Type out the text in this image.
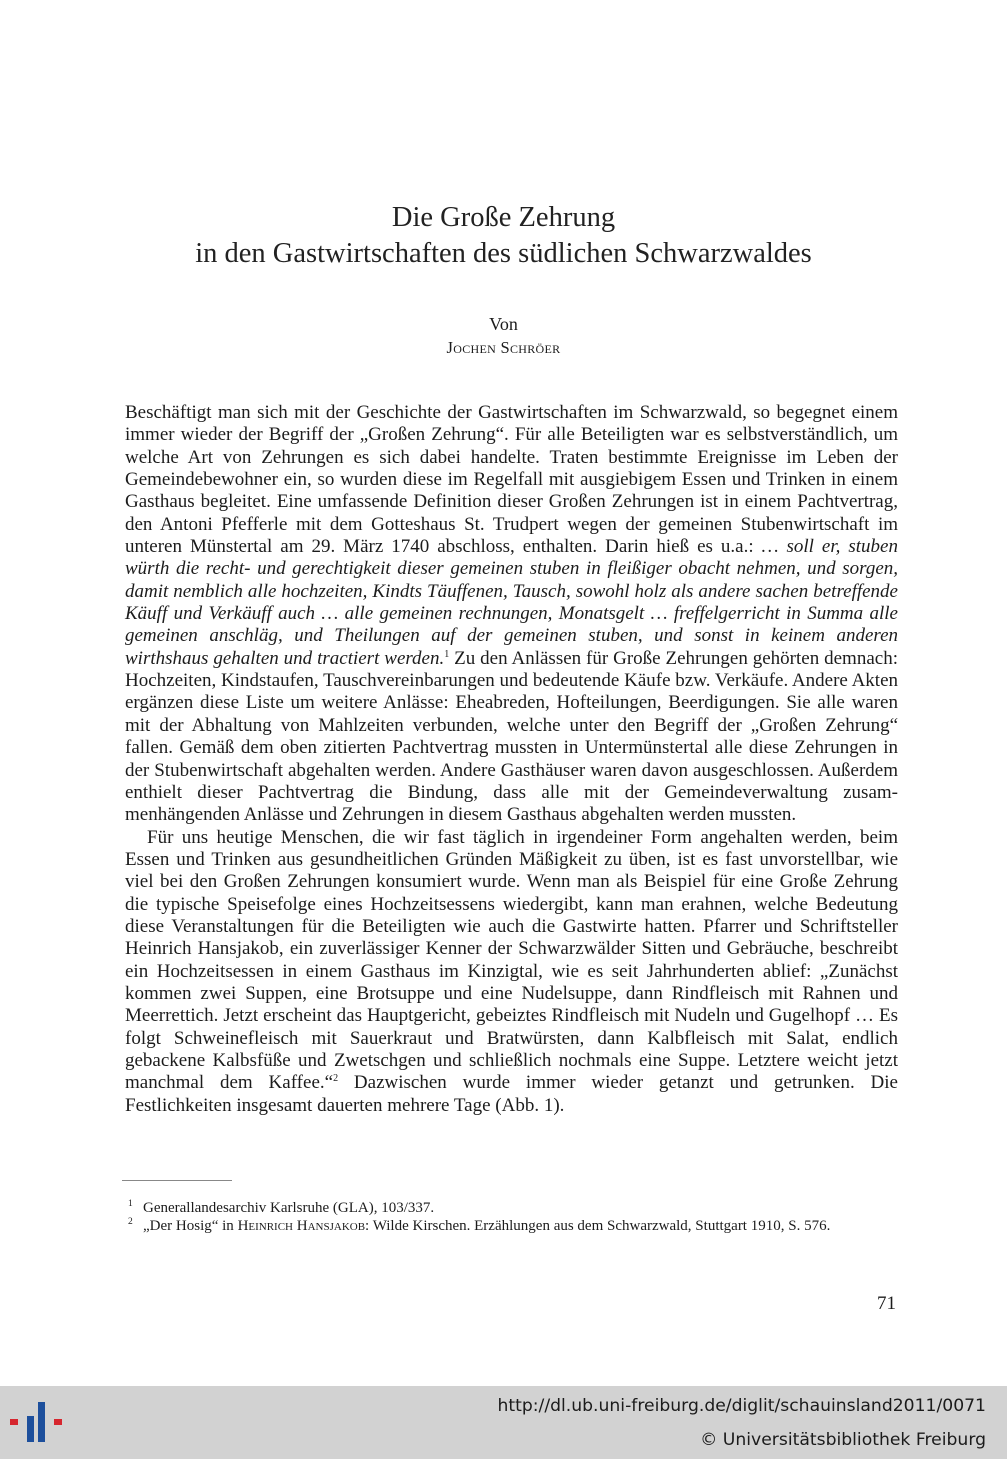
Die Große Zehrung
in den Gastwirtschaften des südlichen Schwarzwaldes
Von
Jochen Schröer

Beschäftigt man sich mit der Geschichte der Gastwirtschaften im Schwarzwald, so begegnet einem immer wieder der Begriff der „Großen Zehrung“. Für alle Beteiligten war es selbstverständlich, um welche Art von Zehrungen es sich dabei handelte. Traten bestimmte Ereignisse im Leben der Gemeindebewohner ein, so wurden diese im Regelfall mit ausgiebigem Essen und Trinken in einem Gasthaus begleitet. Eine umfassende Definition dieser Großen Zehrungen ist in einem Pachtvertrag, den Antoni Pfefferle mit dem Gotteshaus St. Trudpert wegen der gemeinen Stubenwirtschaft im unteren Münstertal am 29. März 1740 abschloss, enthalten. Darin hieß es u.a.: … soll er, stuben würth die recht- und gerechtigkeit dieser gemeinen stuben in fleißiger obacht nehmen, und sorgen, damit nemblich alle hochzeiten, Kindts Täuffenen, Tausch, sowohl holz als andere sachen betreffende Käuff und Verkäuff auch … alle gemeinen rechnungen, Monatsgelt … freffelgerricht in Summa alle gemeinen anschläg, und Theilungen auf der gemeinen stuben, und sonst in keinem anderen wirthshaus gehalten und tractiert werden.$^1$ Zu den Anlässen für Große Zehrungen gehörten demnach: Hochzeiten, Kindstaufen, Tauschvereinbarungen und bedeutende Käufe bzw. Verkäufe. Andere Akten ergänzen diese Liste um weitere Anlässe: Eheabreden, Hofteilungen, Beerdigungen. Sie alle waren mit der Abhaltung von Mahlzeiten verbunden, welche unter den Begriff der „Großen Zehrung“ fallen. Gemäß dem oben zitierten Pachtvertrag mussten in Untermünstertal alle diese Zehrungen in der Stubenwirtschaft abgehalten werden. Andere Gasthäuser waren davon ausgeschlossen. Außerdem enthielt dieser Pachtvertrag die Bindung, dass alle mit der Gemeindeverwaltung zusammenhängenden Anlässe und Zehrungen in diesem Gasthaus abgehalten werden mussten.

Für uns heutige Menschen, die wir fast täglich in irgendeiner Form angehalten werden, beim Essen und Trinken aus gesundheitlichen Gründen Mäßigkeit zu üben, ist es fast unvorstellbar, wie viel bei den Großen Zehrungen konsumiert wurde. Wenn man als Beispiel für eine Große Zehrung die typische Speisefolge eines Hochzeitsessens wiedergibt, kann man erahnen, welche Bedeutung diese Veranstaltungen für die Beteiligten wie auch die Gastwirte hatten. Pfarrer und Schriftsteller Heinrich Hansjakob, ein zuverlässiger Kenner der Schwarzwälder Sitten und Gebräuche, beschreibt ein Hochzeitsessen in einem Gasthaus im Kinzigtal, wie es seit Jahrhunderten ablief: „Zunächst kommen zwei Suppen, eine Brotsuppe und eine Nudelsuppe, dann Rindfleisch mit Rahnen und Meerrettich. Jetzt erscheint das Hauptgericht, gebeiztes Rindfleisch mit Nudeln und Gugelhopf … Es folgt Schweinefleisch mit Sauerkraut und Bratwürsten, dann Kalbfleisch mit Salat, endlich gebackene Kalbsfüße und Zwetschgen und schließlich nochmals eine Suppe. Letztere weicht jetzt manchmal dem Kaffee.“$^2$ Dazwischen wurde immer wieder getanzt und getrunken. Die Festlichkeiten insgesamt dauerten mehrere Tage (Abb. 1).

1 Generallandesarchiv Karlsruhe (GLA), 103/337.
2 „Der Hosig“ in Heinrich Hansjakob: Wilde Kirschen. Erzählungen aus dem Schwarzwald, Stuttgart 1910, S. 576.
71
http://dl.ub.uni-freiburg.de/diglit/schauinsland2011/0071
© Universitätsbibliothek Freiburg
